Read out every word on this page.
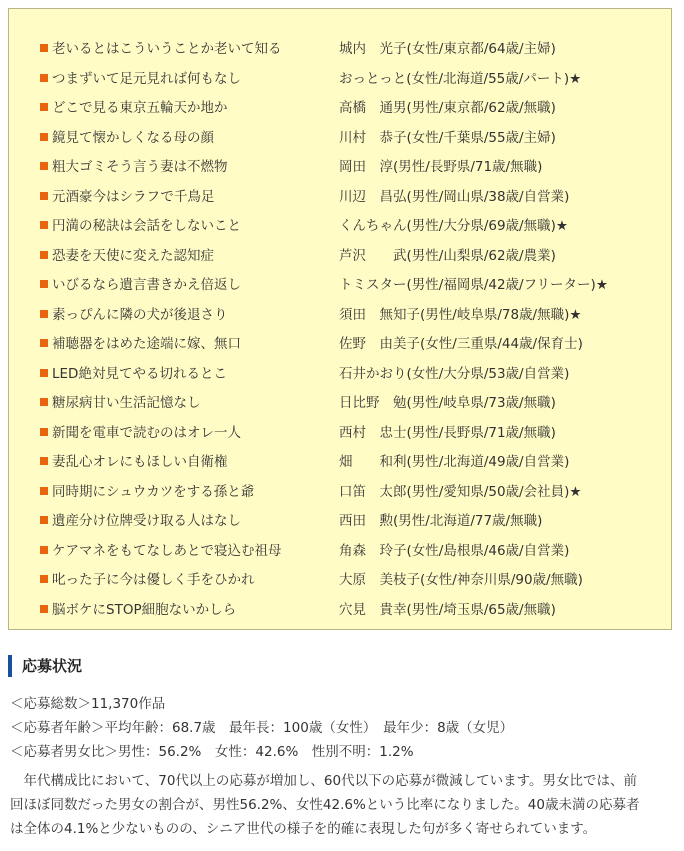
老いるとはこういうことか老いて知る	城内　光子(女性/東京都/64歳/主婦)
つまずいて足元見れば何もなし	おっとっと(女性/北海道/55歳/パート)★
どこで見る東京五輪天か地か	高橋　通男(男性/東京都/62歳/無職)
鏡見て懐かしくなる母の顔	川村　恭子(女性/千葉県/55歳/主婦)
粗大ゴミそう言う妻は不燃物	岡田　淳(男性/長野県/71歳/無職)
元酒豪今はシラフで千鳥足	川辺　昌弘(男性/岡山県/38歳/自営業)
円満の秘訣は会話をしないこと	くんちゃん(男性/大分県/69歳/無職)★
恐妻を天使に変えた認知症	芦沢　　武(男性/山梨県/62歳/農業)
いびるなら遺言書きかえ倍返し	トミスター(男性/福岡県/42歳/フリーター)★
素っぴんに隣の犬が後退さり	須田　無知子(男性/岐阜県/78歳/無職)★
補聴器をはめた途端に嫁、無口	佐野　由美子(女性/三重県/44歳/保育士)
LED絶対見てやる切れるとこ	石井かおり(女性/大分県/53歳/自営業)
糖尿病甘い生活記憶なし	日比野　勉(男性/岐阜県/73歳/無職)
新聞を電車で読むのはオレ一人	西村　忠士(男性/長野県/71歳/無職)
妻乱心オレにもほしい自衛権	畑　　和利(男性/北海道/49歳/自営業)
同時期にシュウカツをする孫と爺	口笛　太郎(男性/愛知県/50歳/会社員)★
遺産分け位牌受け取る人はなし	西田　勲(男性/北海道/77歳/無職)
ケアマネをもてなしあとで寝込む祖母	角森　玲子(女性/島根県/46歳/自営業)
叱った子に今は優しく手をひかれ	大原　美枝子(女性/神奈川県/90歳/無職)
脳ボケにSTOP細胞ないかしら	穴見　貴幸(男性/埼玉県/65歳/無職)
応募状況
＜応募総数＞11,370作品
＜応募者年齢＞平均年齢：68.7歳　最年長：100歳（女性）　最年少：8歳（女児）
＜応募者男女比＞男性：56.2%　女性：42.6%　性別不明：1.2%
　年代構成比において、70代以上の応募が増加し、60代以下の応募が微減しています。男女比では、前
回ほぼ同数だった男女の割合が、男性56.2%、女性42.6%という比率になりました。40歳未満の応募者
は全体の4.1%と少ないものの、シニア世代の様子を的確に表現した句が多く寄せられています。
